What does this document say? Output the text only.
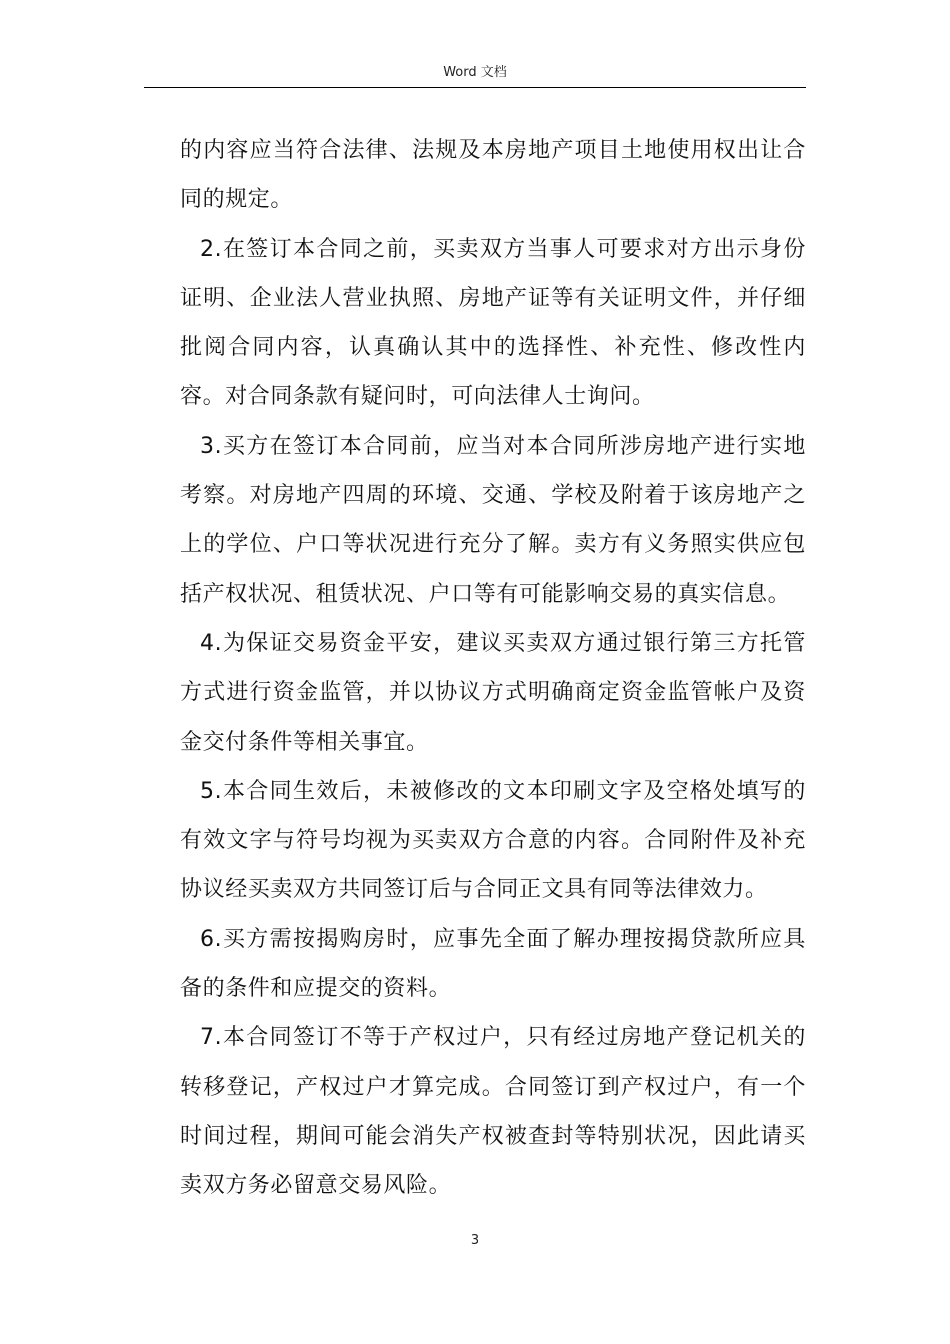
Word 文档

的内容应当符合法律、法规及本房地产项目土地使用权出让合同的规定。

2.在签订本合同之前，买卖双方当事人可要求对方出示身份证明、企业法人营业执照、房地产证等有关证明文件，并仔细批阅合同内容，认真确认其中的选择性、补充性、修改性内容。对合同条款有疑问时，可向法律人士询问。

3.买方在签订本合同前，应当对本合同所涉房地产进行实地考察。对房地产四周的环境、交通、学校及附着于该房地产之上的学位、户口等状况进行充分了解。卖方有义务照实供应包括产权状况、租赁状况、户口等有可能影响交易的真实信息。

4.为保证交易资金平安，建议买卖双方通过银行第三方托管方式进行资金监管，并以协议方式明确商定资金监管帐户及资金交付条件等相关事宜。

5.本合同生效后，未被修改的文本印刷文字及空格处填写的有效文字与符号均视为买卖双方合意的内容。合同附件及补充协议经买卖双方共同签订后与合同正文具有同等法律效力。

6.买方需按揭购房时，应事先全面了解办理按揭贷款所应具备的条件和应提交的资料。

7.本合同签订不等于产权过户，只有经过房地产登记机关的转移登记，产权过户才算完成。合同签订到产权过户，有一个时间过程，期间可能会消失产权被查封等特别状况，因此请买卖双方务必留意交易风险。

3
